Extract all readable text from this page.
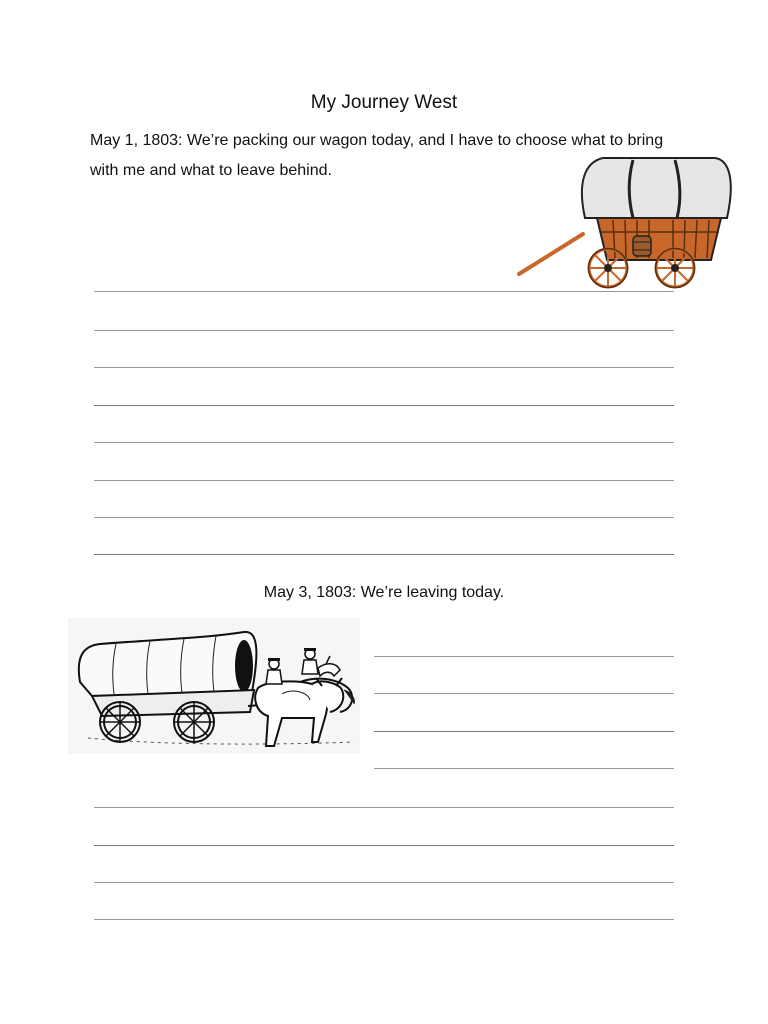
My Journey West
May 1, 1803: We’re packing our wagon today, and I have to choose what to bring with me and what to leave behind.
May 3, 1803: We’re leaving today.
